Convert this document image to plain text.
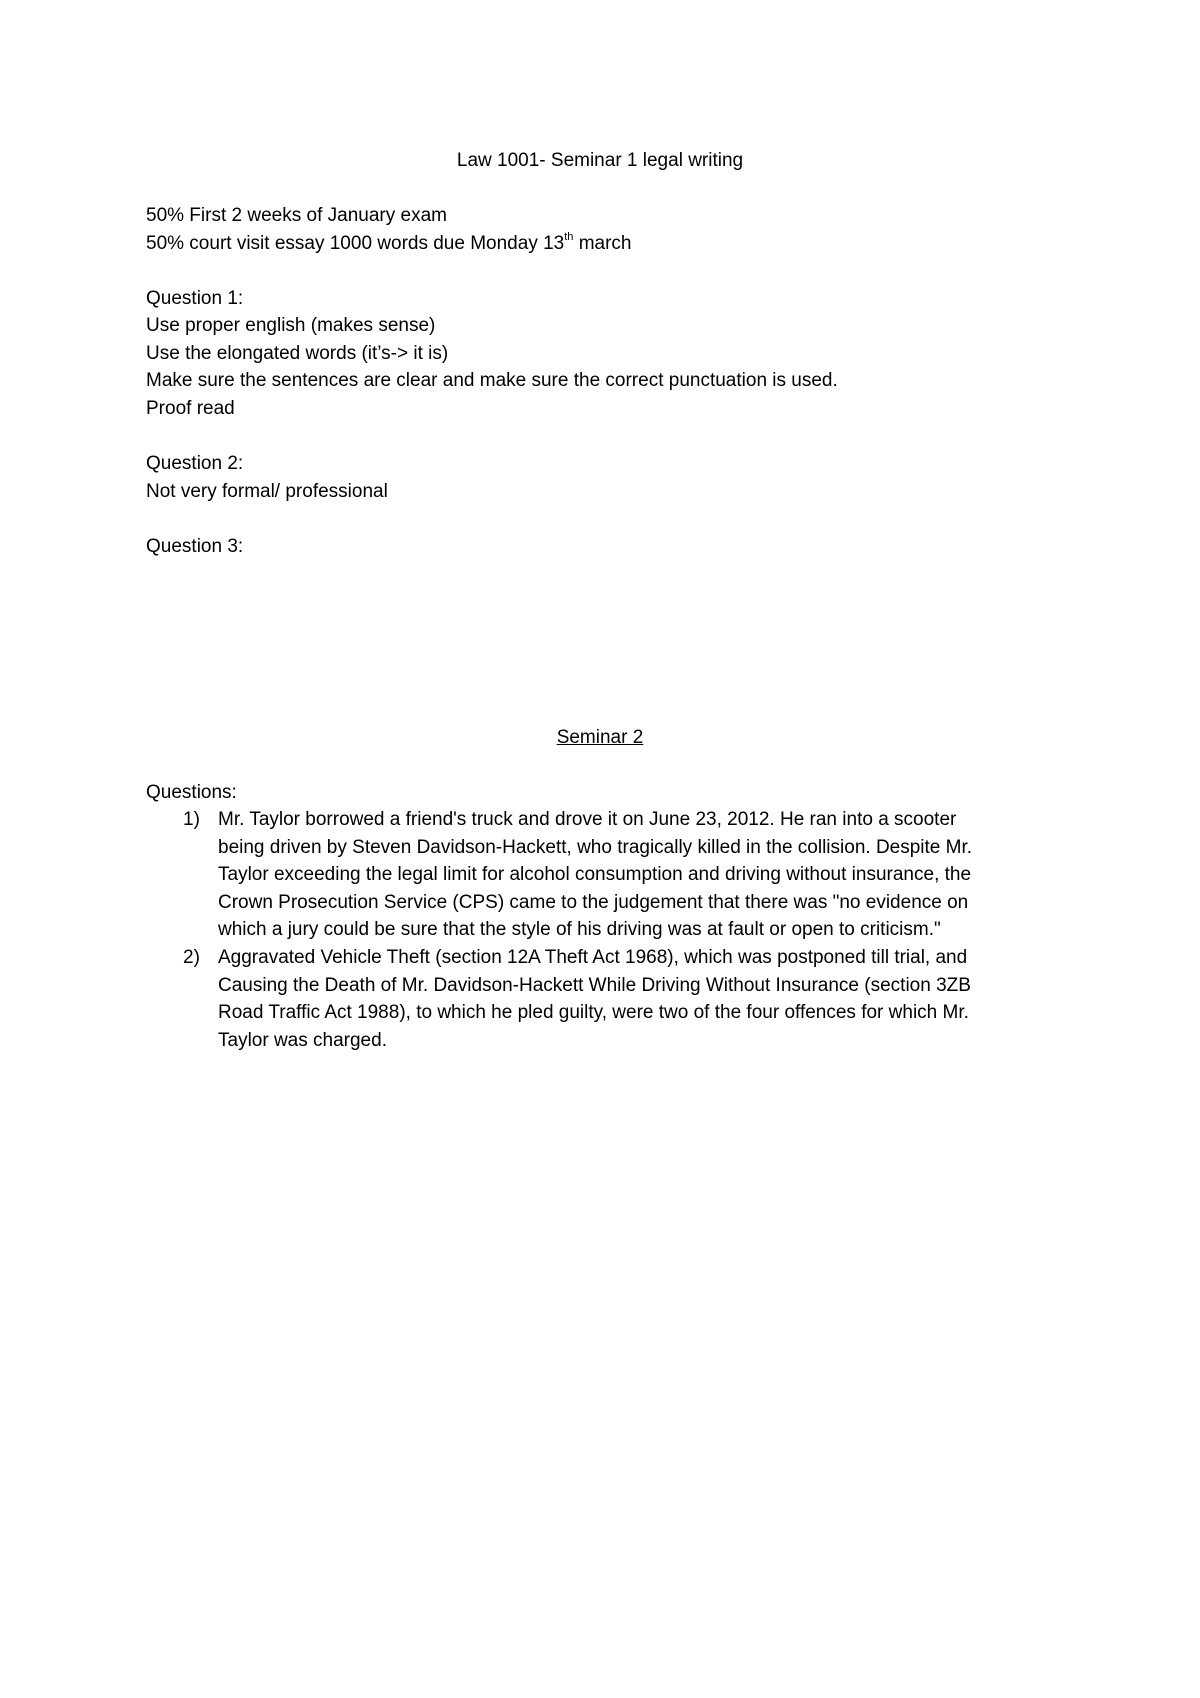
Law 1001- Seminar 1 legal writing
50% First 2 weeks of January exam
50% court visit essay 1000 words due Monday 13th march
Question 1:
Use proper english (makes sense)
Use the elongated words (it’s-> it is)
Make sure the sentences are clear and make sure the correct punctuation is used.
Proof read
Question 2:
Not very formal/ professional
Question 3:
Seminar 2
Questions:
1) Mr. Taylor borrowed a friend's truck and drove it on June 23, 2012. He ran into a scooter
being driven by Steven Davidson-Hackett, who tragically killed in the collision. Despite Mr.
Taylor exceeding the legal limit for alcohol consumption and driving without insurance, the
Crown Prosecution Service (CPS) came to the judgement that there was "no evidence on
which a jury could be sure that the style of his driving was at fault or open to criticism."
2) Aggravated Vehicle Theft (section 12A Theft Act 1968), which was postponed till trial, and
Causing the Death of Mr. Davidson-Hackett While Driving Without Insurance (section 3ZB
Road Traffic Act 1988), to which he pled guilty, were two of the four offences for which Mr.
Taylor was charged.
